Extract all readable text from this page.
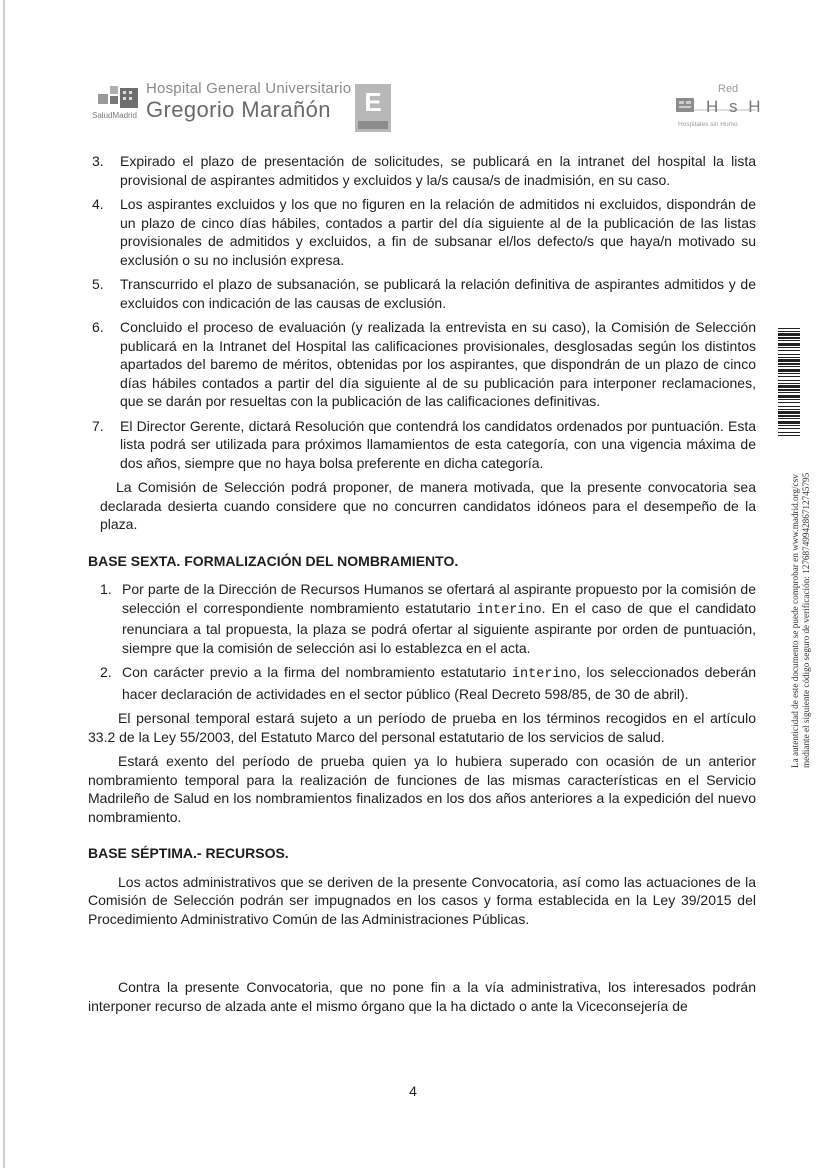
SaludMadrid
Hospital General Universitario
Gregorio Marañón	E	Red
H s H
Hospitales sin Humo
3. Expirado el plazo de presentación de solicitudes, se publicará en la intranet del hospital la lista provisional de aspirantes admitidos y excluidos y la/s causa/s de inadmisión, en su caso.
4. Los aspirantes excluidos y los que no figuren en la relación de admitidos ni excluidos, dispondrán de un plazo de cinco días hábiles, contados a partir del día siguiente al de la publicación de las listas provisionales de admitidos y excluidos, a fin de subsanar el/los defecto/s que haya/n motivado su exclusión o su no inclusión expresa.
5. Transcurrido el plazo de subsanación, se publicará la relación definitiva de aspirantes admitidos y de excluidos con indicación de las causas de exclusión.
6. Concluido el proceso de evaluación (y realizada la entrevista en su caso), la Comisión de Selección publicará en la Intranet del Hospital las calificaciones provisionales, desglosadas según los distintos apartados del baremo de méritos, obtenidas por los aspirantes, que dispondrán de un plazo de cinco días hábiles contados a partir del día siguiente al de su publicación para interponer reclamaciones, que se darán por resueltas con la publicación de las calificaciones definitivas.
7. El Director Gerente, dictará Resolución que contendrá los candidatos ordenados por puntuación. Esta lista podrá ser utilizada para próximos llamamientos de esta categoría, con una vigencia máxima de dos años, siempre que no haya bolsa preferente en dicha categoría.

La Comisión de Selección podrá proponer, de manera motivada, que la presente convocatoria sea declarada desierta cuando considere que no concurren candidatos idóneos para el desempeño de la plaza.

BASE SEXTA. FORMALIZACIÓN DEL NOMBRAMIENTO.
1. Por parte de la Dirección de Recursos Humanos se ofertará al aspirante propuesto por la comisión de selección el correspondiente nombramiento estatutario interino. En el caso de que el candidato renunciara a tal propuesta, la plaza se podrá ofertar al siguiente aspirante por orden de puntuación, siempre que la comisión de selección asi lo establezca en el acta.
2. Con carácter previo a la firma del nombramiento estatutario interino, los seleccionados deberán hacer declaración de actividades en el sector público (Real Decreto 598/85, de 30 de abril).

El personal temporal estará sujeto a un período de prueba en los términos recogidos en el artículo 33.2 de la Ley 55/2003, del Estatuto Marco del personal estatutario de los servicios de salud.

Estará exento del período de prueba quien ya lo hubiera superado con ocasión de un anterior nombramiento temporal para la realización de funciones de las mismas características en el Servicio Madrileño de Salud en los nombramientos finalizados en los dos años anteriores a la expedición del nuevo nombramiento.

BASE SÉPTIMA.- RECURSOS.

Los actos administrativos que se deriven de la presente Convocatoria, así como las actuaciones de la Comisión de Selección podrán ser impugnados en los casos y forma establecida en la Ley 39/2015 del Procedimiento Administrativo Común de las Administraciones Públicas.

Contra la presente Convocatoria, que no pone fin a la vía administrativa, los interesados podrán interponer recurso de alzada ante el mismo órgano que la ha dictado o ante la Viceconsejería de

4
La autenticidad de este documento se puede comprobar en www.madrid.org/csv mediante el siguiente código seguro de verificación: 1276874994286712745795
